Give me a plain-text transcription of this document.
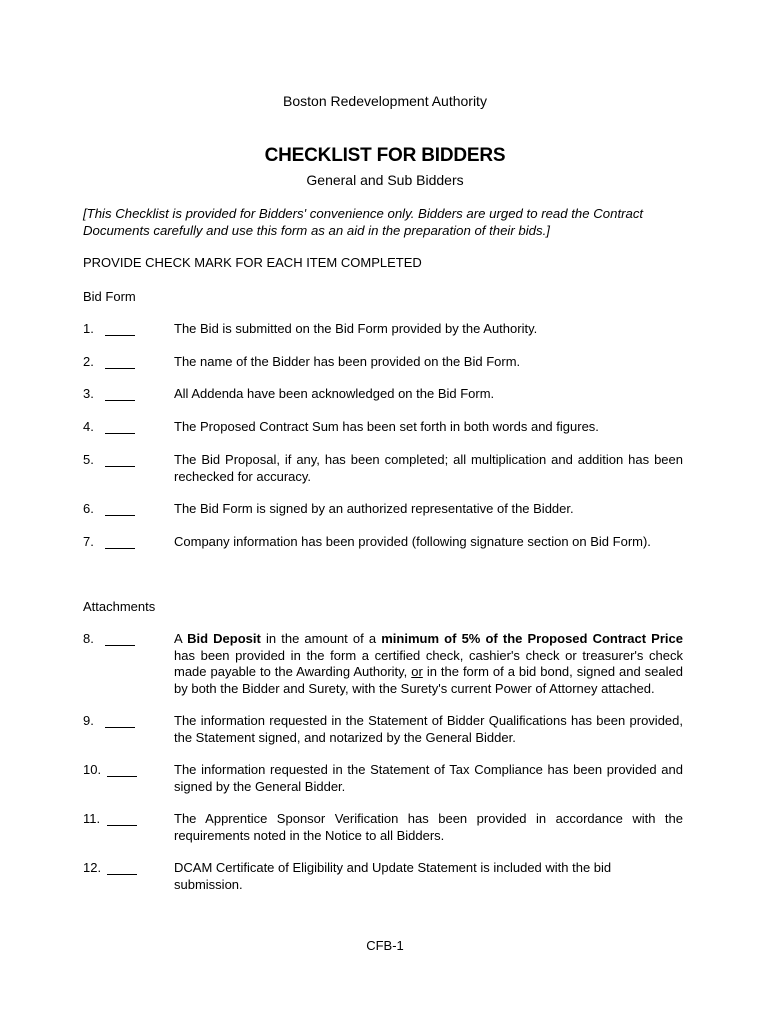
Boston Redevelopment Authority
CHECKLIST FOR BIDDERS
General and Sub Bidders
[This Checklist is provided for Bidders' convenience only. Bidders are urged to read the Contract Documents carefully and use this form as an aid in the preparation of their bids.]
PROVIDE CHECK MARK FOR EACH ITEM COMPLETED
Bid Form
1.	The Bid is submitted on the Bid Form provided by the Authority.
2.	The name of the Bidder has been provided on the Bid Form.
3.	All Addenda have been acknowledged on the Bid Form.
4.	The Proposed Contract Sum has been set forth in both words and figures.
5.	The Bid Proposal, if any, has been completed; all multiplication and addition has been rechecked for accuracy.
6.	The Bid Form is signed by an authorized representative of the Bidder.
7.	Company information has been provided (following signature section on Bid Form).
Attachments
8.	A Bid Deposit in the amount of a minimum of 5% of the Proposed Contract Price has been provided in the form a certified check, cashier's check or treasurer's check made payable to the Awarding Authority, or in the form of a bid bond, signed and sealed by both the Bidder and Surety, with the Surety's current Power of Attorney attached.
9.	The information requested in the Statement of Bidder Qualifications has been provided, the Statement signed, and notarized by the General Bidder.
10.	The information requested in the Statement of Tax Compliance has been provided and signed by the General Bidder.
11.	The Apprentice Sponsor Verification has been provided in accordance with the requirements noted in the Notice to all Bidders.
12.	DCAM Certificate of Eligibility and Update Statement is included with the bid submission.
CFB-1
